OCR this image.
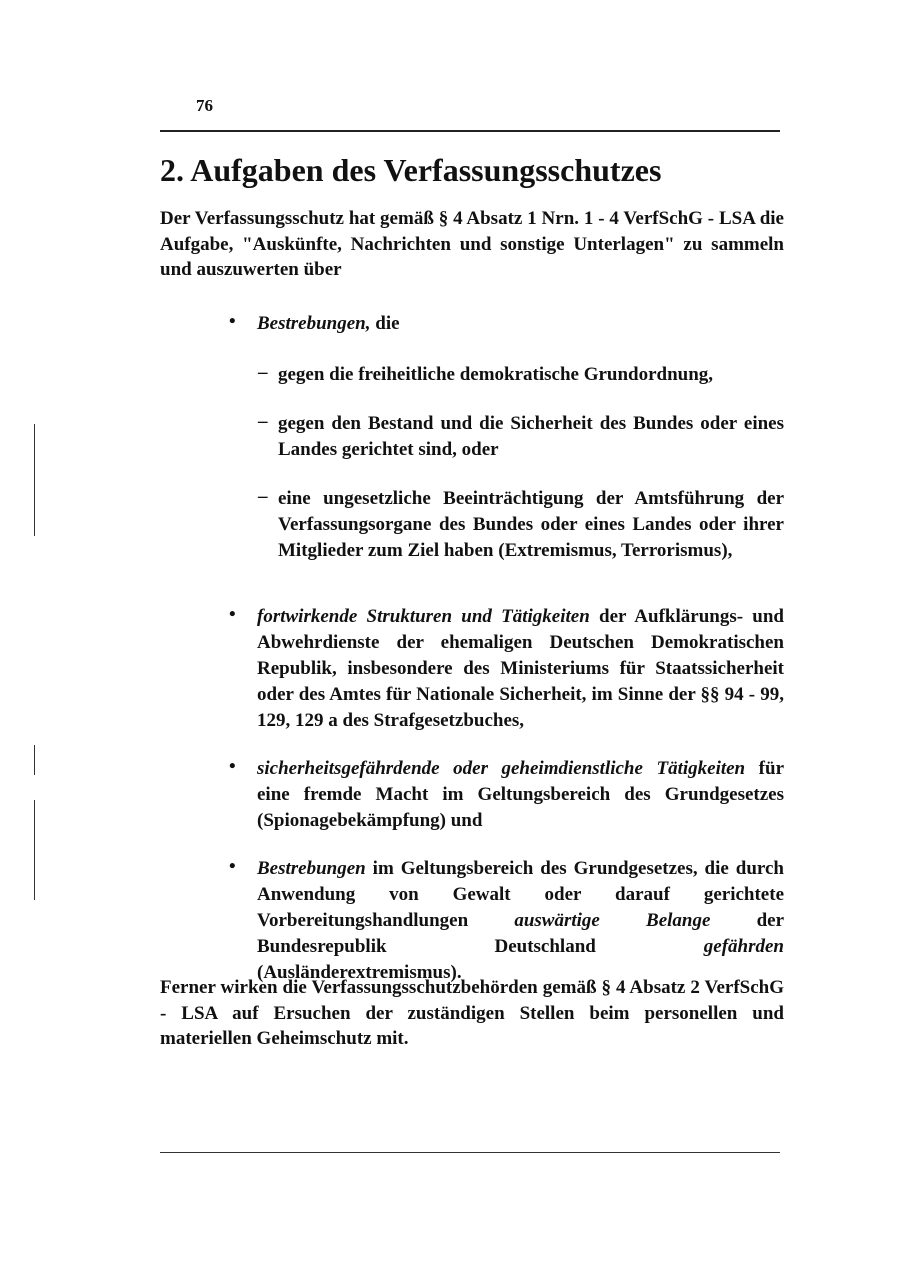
76
2. Aufgaben des Verfassungsschutzes
Der Verfassungsschutz hat gemäß § 4 Absatz 1 Nrn. 1 - 4 VerfSchG - LSA die Aufgabe, "Auskünfte, Nachrichten und sonstige Unterlagen" zu sammeln und auszuwerten über
• Bestrebungen, die
– gegen die freiheitliche demokratische Grundordnung,
– gegen den Bestand und die Sicherheit des Bundes oder eines Landes gerichtet sind, oder
– eine ungesetzliche Beeinträchtigung der Amtsführung der Verfassungsorgane des Bundes oder eines Landes oder ihrer Mitglieder zum Ziel haben (Extremismus, Terrorismus),
• fortwirkende Strukturen und Tätigkeiten der Aufklärungs- und Abwehrdienste der ehemaligen Deutschen Demokratischen Republik, insbesondere des Ministeriums für Staatssicherheit oder des Amtes für Nationale Sicherheit, im Sinne der §§ 94 - 99, 129, 129 a des Strafgesetzbuches,
• sicherheitsgefährdende oder geheimdienstliche Tätigkeiten für eine fremde Macht im Geltungsbereich des Grundgesetzes (Spionagebekämpfung) und
• Bestrebungen im Geltungsbereich des Grundgesetzes, die durch Anwendung von Gewalt oder darauf gerichtete Vorbereitungshandlungen auswärtige Belange der Bundesrepublik Deutschland gefährden (Ausländerextremismus).
Ferner wirken die Verfassungsschutzbehörden gemäß § 4 Absatz 2 VerfSchG - LSA auf Ersuchen der zuständigen Stellen beim personellen und materiellen Geheimschutz mit.
